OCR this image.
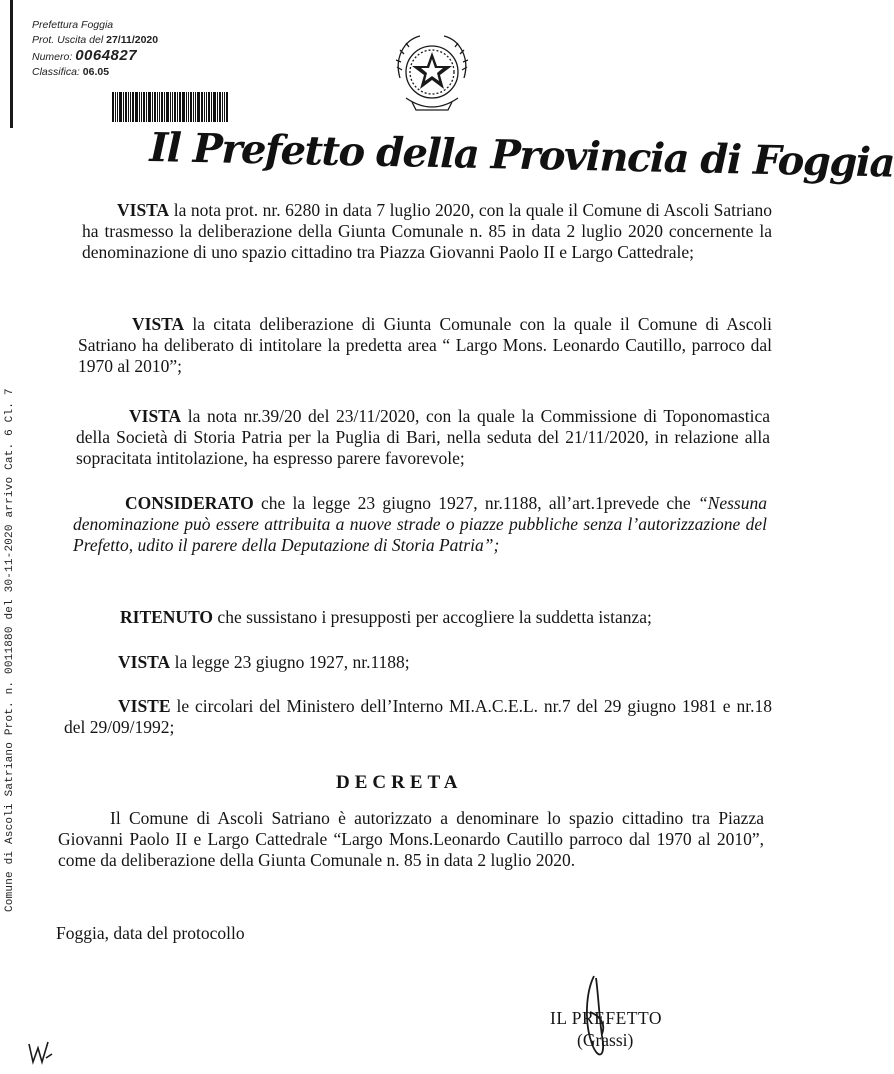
Prefettura Foggia
Prot. Uscita del 27/11/2020
Numero: 0064827
Classifica: 06.05
Il Prefetto della Provincia di Foggia
Comune di Ascoli Satriano Prot. n. 0011880 del 30-11-2020 arrivo Cat. 6 Cl. 7
VISTA la nota prot. nr. 6280 in data 7 luglio 2020, con la quale il Comune di Ascoli Satriano ha trasmesso la deliberazione della Giunta Comunale n. 85 in data 2 luglio 2020 concernente la denominazione di uno spazio cittadino tra Piazza Giovanni Paolo II e Largo Cattedrale;
VISTA la citata deliberazione di Giunta Comunale con la quale il Comune di Ascoli Satriano ha deliberato di intitolare la predetta area “ Largo Mons. Leonardo Cautillo, parroco dal 1970 al 2010”;
VISTA la nota nr.39/20 del 23/11/2020, con la quale la Commissione di Toponomastica della Società di Storia Patria per la Puglia di Bari, nella seduta del 21/11/2020, in relazione alla sopracitata intitolazione, ha espresso parere favorevole;
CONSIDERATO che la legge 23 giugno 1927, nr.1188, all’art.1prevede che “Nessuna denominazione può essere attribuita a nuove strade o piazze pubbliche senza l’autorizzazione del Prefetto, udito il parere della Deputazione di Storia Patria”;
RITENUTO che sussistano i presupposti per accogliere la suddetta istanza;
VISTA la legge 23 giugno 1927, nr.1188;
VISTE le circolari del Ministero dell’Interno MI.A.C.E.L. nr.7 del 29 giugno 1981 e nr.18 del 29/09/1992;
DECRETA
Il Comune di Ascoli Satriano è autorizzato a denominare lo spazio cittadino tra Piazza Giovanni Paolo II e Largo Cattedrale “Largo Mons.Leonardo Cautillo parroco dal 1970 al 2010”, come da deliberazione della Giunta Comunale n. 85 in data 2 luglio 2020.
Foggia, data del protocollo
IL PREFETTO
(Grassi)
